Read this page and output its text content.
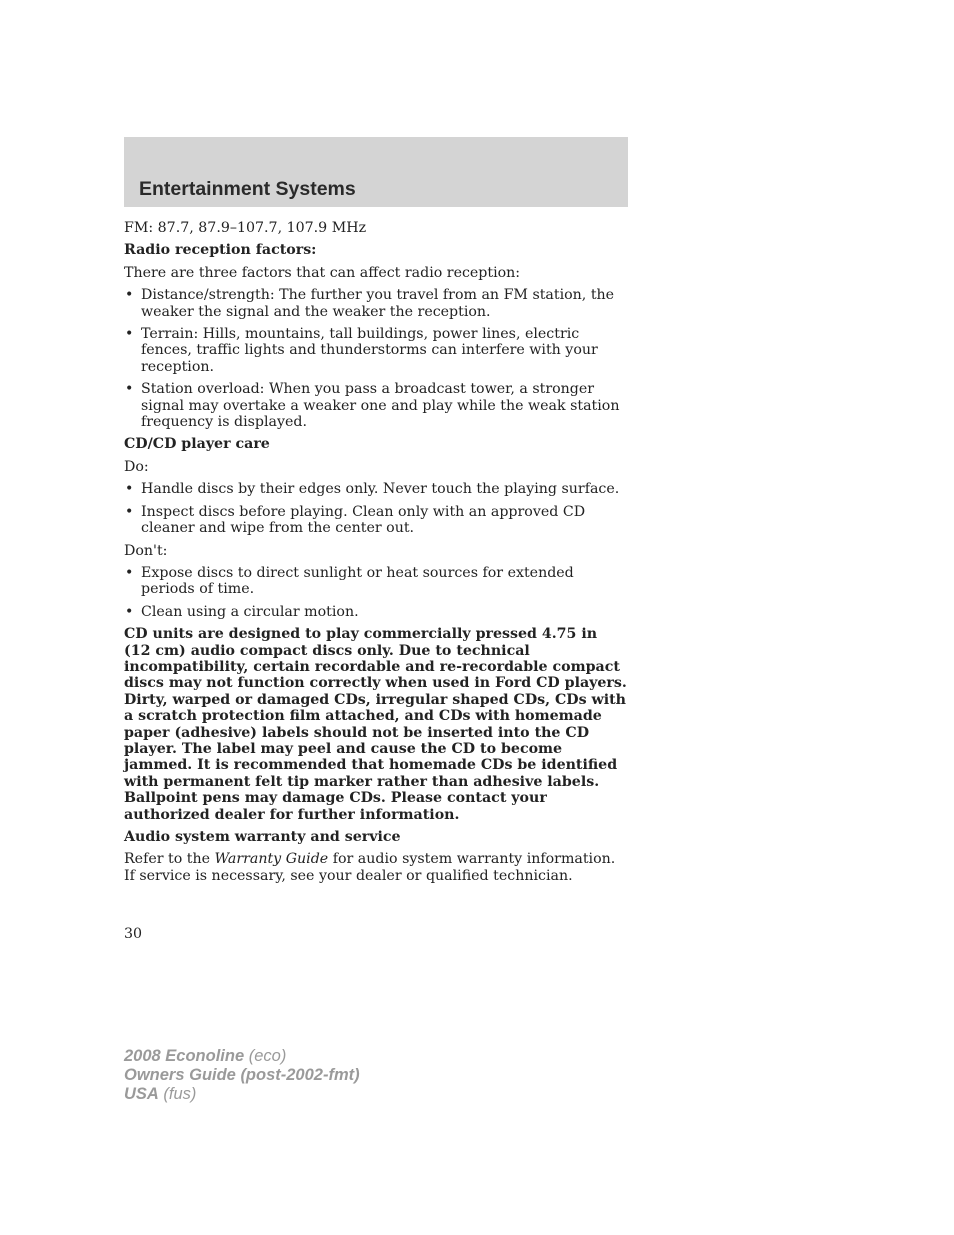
Entertainment Systems

FM: 87.7, 87.9–107.7, 107.9 MHz

Radio reception factors:

There are three factors that can affect radio reception:

• Distance/strength: The further you travel from an FM station, the weaker the signal and the weaker the reception.
• Terrain: Hills, mountains, tall buildings, power lines, electric fences, traffic lights and thunderstorms can interfere with your reception.
• Station overload: When you pass a broadcast tower, a stronger signal may overtake a weaker one and play while the weak station frequency is displayed.

CD/CD player care

Do:

• Handle discs by their edges only. Never touch the playing surface.
• Inspect discs before playing. Clean only with an approved CD cleaner and wipe from the center out.

Don't:

• Expose discs to direct sunlight or heat sources for extended periods of time.
• Clean using a circular motion.

CD units are designed to play commercially pressed 4.75 in (12 cm) audio compact discs only. Due to technical incompatibility, certain recordable and re-recordable compact discs may not function correctly when used in Ford CD players. Dirty, warped or damaged CDs, irregular shaped CDs, CDs with a scratch protection film attached, and CDs with homemade paper (adhesive) labels should not be inserted into the CD player. The label may peel and cause the CD to become jammed. It is recommended that homemade CDs be identified with permanent felt tip marker rather than adhesive labels. Ballpoint pens may damage CDs. Please contact your authorized dealer for further information.

Audio system warranty and service

Refer to the Warranty Guide for audio system warranty information. If service is necessary, see your dealer or qualified technician.

30

2008 Econoline (eco)
Owners Guide (post-2002-fmt)
USA (fus)
